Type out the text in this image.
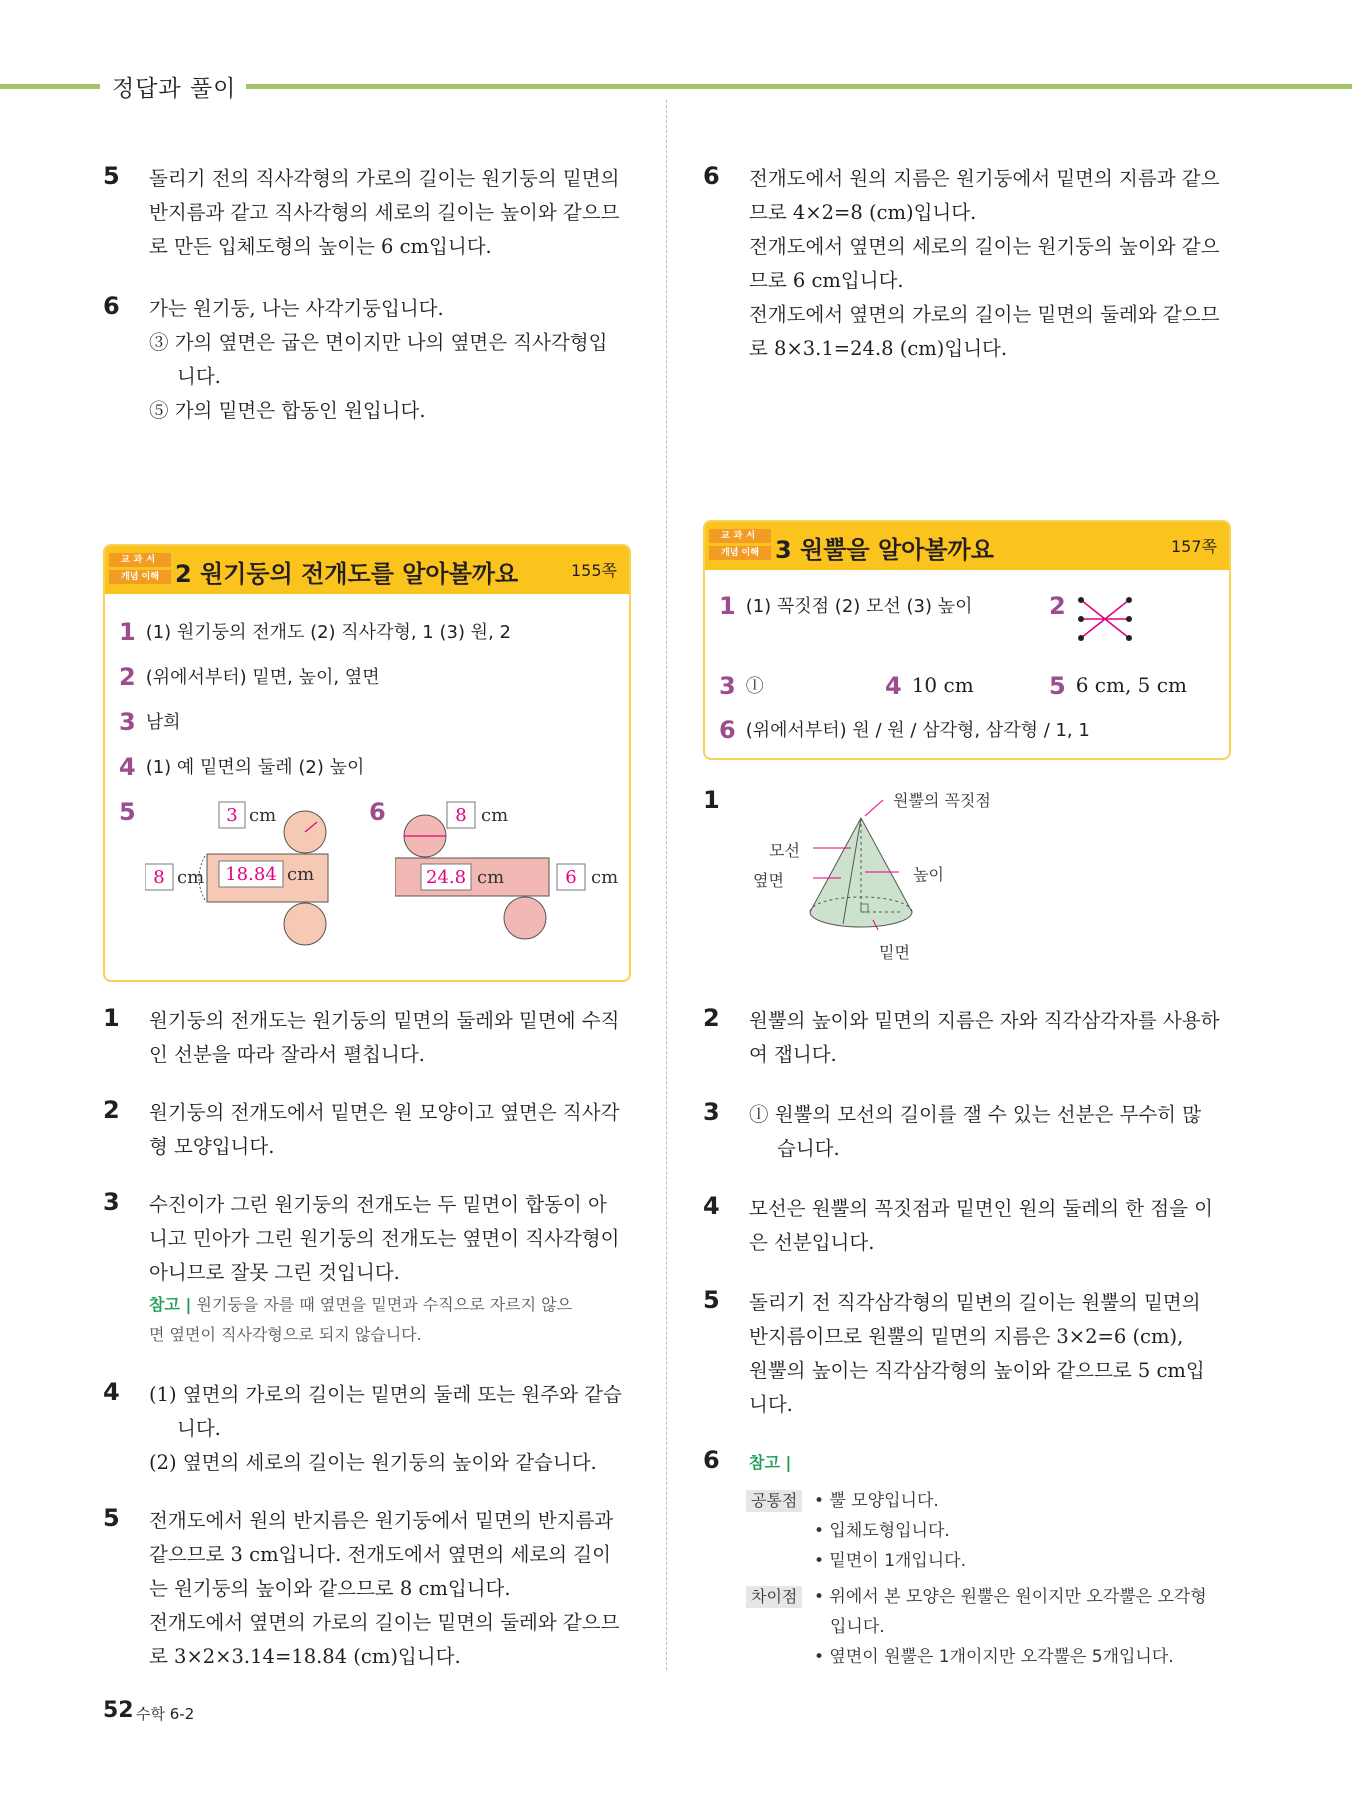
정답과 풀이
5 돌리기 전의 직사각형의 가로의 길이는 원기둥의 밑면의

반지름과 같고 직사각형의 세로의 길이는 높이와 같으므

로 만든 입체도형의 높이는 6 cm입니다.

6 가는 원기둥, 나는 사각기둥입니다.

③ 가의 옆면은 굽은 면이지만 나의 옆면은 직사각형입

니다.

⑤ 가의 밑면은 합동인 원입니다.

6 전개도에서 원의 지름은 원기둥에서 밑면의 지름과 같으

므로 4×2=8 (cm)입니다.

전개도에서 옆면의 세로의 길이는 원기둥의 높이와 같으

므로 6 cm입니다.

전개도에서 옆면의 가로의 길이는 밑면의 둘레와 같으므

로 8×3.1=24.8 (cm)입니다.

교과서
개념 이해 2 원기둥의 전개도를 알아볼까요	155쪽
1 (1) 원기둥의 전개도 (2) 직사각형, 1 (3) 원, 2
2 (위에서부터) 밑면, 높이, 옆면
3 남희
4 (1) 예 밑면의 둘레 (2) 높이
5	6
3 cm
8 cm 18.84 cm
8 cm
24.8 cm	6 cm
교과서
개념 이해 3 원뿔을 알아볼까요	157쪽
1 (1) 꼭짓점 (2) 모선 (3) 높이	2
3 ⓛ	4 10 cm	5 6 cm, 5 cm
6 (위에서부터) 원 / 원 / 삼각형, 삼각형 / 1, 1
1 원기둥의 전개도는 원기둥의 밑면의 둘레와 밑면에 수직

인 선분을 따라 잘라서 펼칩니다.

2 원기둥의 전개도에서 밑면은 원 모양이고 옆면은 직사각

형 모양입니다.

3 수진이가 그린 원기둥의 전개도는 두 밑면이 합동이 아

니고 민아가 그린 원기둥의 전개도는 옆면이 직사각형이

아니므로 잘못 그린 것입니다.

참고 | 원기둥을 자를 때 옆면을 밑면과 수직으로 자르지 않으

면 옆면이 직사각형으로 되지 않습니다.

4 (1) 옆면의 가로의 길이는 밑면의 둘레 또는 원주와 같습

니다.

(2) 옆면의 세로의 길이는 원기둥의 높이와 같습니다.

5 전개도에서 원의 반지름은 원기둥에서 밑면의 반지름과

같으므로 3 cm입니다. 전개도에서 옆면의 세로의 길이

는 원기둥의 높이와 같으므로 8 cm입니다.

전개도에서 옆면의 가로의 길이는 밑면의 둘레와 같으므

로 3×2×3.14=18.84 (cm)입니다.

1	원뿔의 꼭짓점
모선
옆면	높이
밑면
2 원뿔의 높이와 밑면의 지름은 자와 직각삼각자를 사용하

여 잽니다.

3 ⓛ 원뿔의 모선의 길이를 잴 수 있는 선분은 무수히 많

습니다.

4 모선은 원뿔의 꼭짓점과 밑면인 원의 둘레의 한 점을 이

은 선분입니다.

5 돌리기 전 직각삼각형의 밑변의 길이는 원뿔의 밑면의

반지름이므로 원뿔의 밑면의 지름은 3×2=6 (cm),

원뿔의 높이는 직각삼각형의 높이와 같으므로 5 cm입

니다.

6 참고 |
공통점 • 뿔 모양입니다.

• 입체도형입니다.

• 밑면이 1개입니다.

차이점 • 위에서 본 모양은 원뿔은 원이지만 오각뿔은 오각형

입니다.

• 옆면이 원뿔은 1개이지만 오각뿔은 5개입니다.

52 수학 6-2
